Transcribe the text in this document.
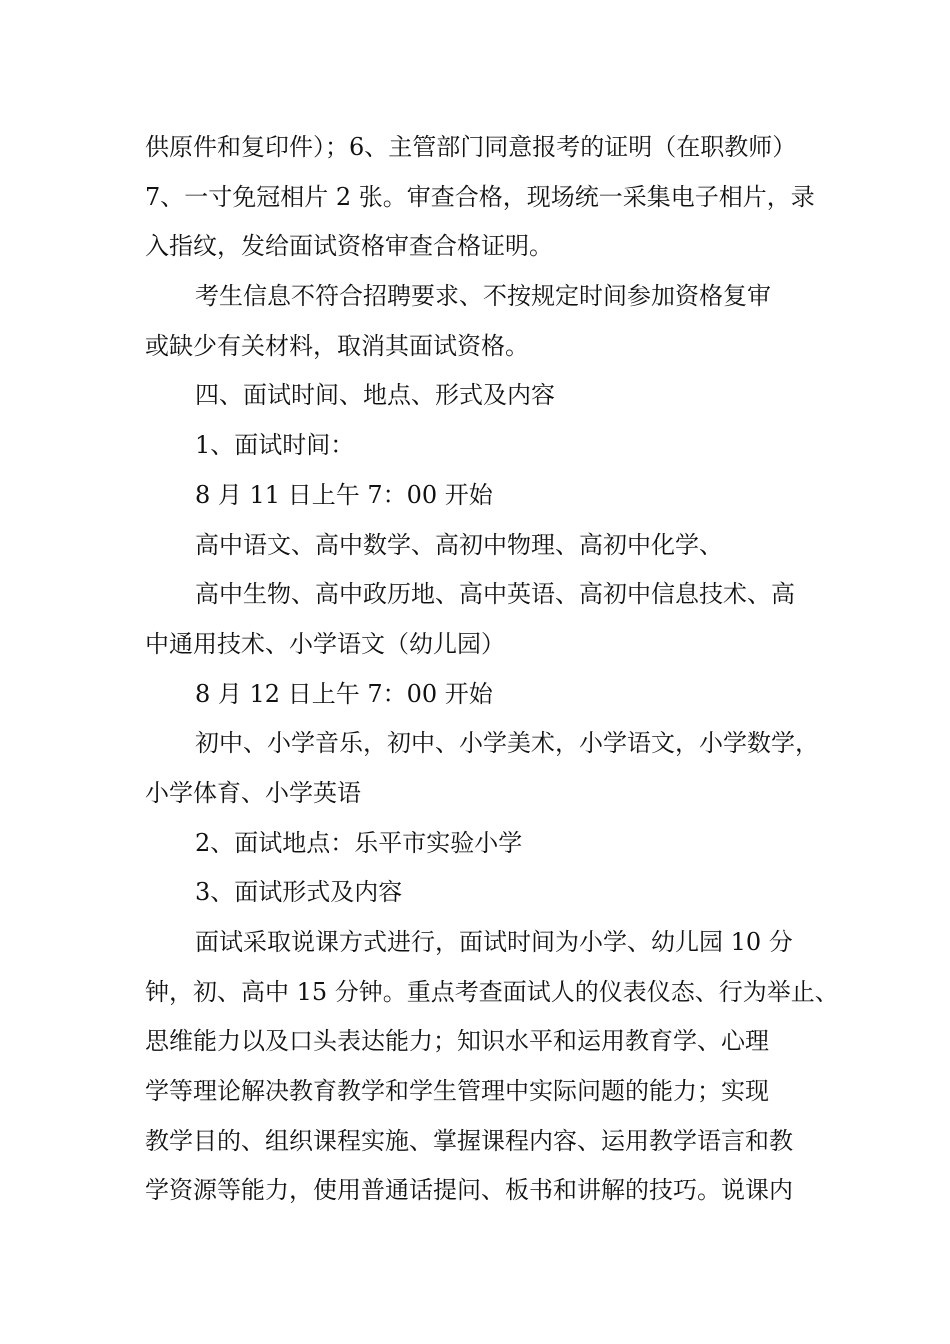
供原件和复印件）；6、主管部门同意报考的证明（在职教师）
7、一寸免冠相片 2 张。审查合格，现场统一采集电子相片，录
入指纹，发给面试资格审查合格证明。
考生信息不符合招聘要求、不按规定时间参加资格复审
或缺少有关材料，取消其面试资格。
四、面试时间、地点、形式及内容
1、面试时间：
8 月 11 日上午 7：00 开始
高中语文、高中数学、高初中物理、高初中化学、
高中生物、高中政历地、高中英语、高初中信息技术、高
中通用技术、小学语文（幼儿园）
8 月 12 日上午 7：00 开始
初中、小学音乐，初中、小学美术，小学语文，小学数学，
小学体育、小学英语
2、面试地点：乐平市实验小学
3、面试形式及内容
面试采取说课方式进行，面试时间为小学、幼儿园 10 分
钟，初、高中 15 分钟。重点考查面试人的仪表仪态、行为举止、
思维能力以及口头表达能力；知识水平和运用教育学、心理
学等理论解决教育教学和学生管理中实际问题的能力；实现
教学目的、组织课程实施、掌握课程内容、运用教学语言和教
学资源等能力，使用普通话提问、板书和讲解的技巧。说课内
